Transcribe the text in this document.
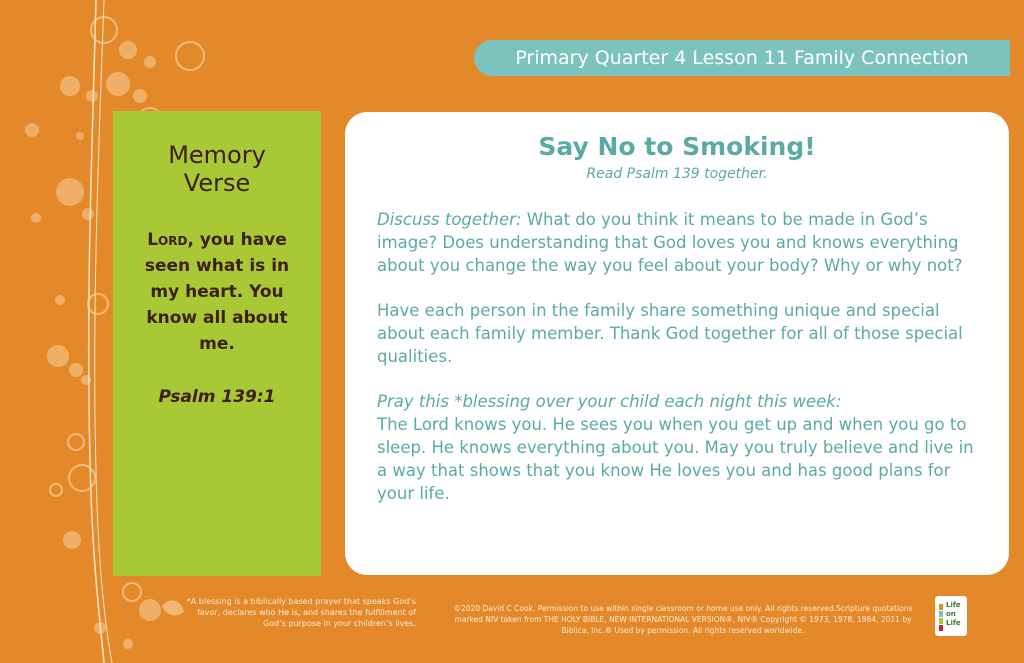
Primary Quarter 4 Lesson 11 Family Connection
Memory
Verse
Lord, you have seen what is in my heart. You know all about me.
Psalm 139:1
Say No to Smoking!
Read Psalm 139 together.

Discuss together: What do you think it means to be made in God’s image? Does understanding that God loves you and knows everything about you change the way you feel about your body? Why or why not?

Have each person in the family share something unique and special about each family member. Thank God together for all of those special qualities.

Pray this *blessing over your child each night this week:
The Lord knows you. He sees you when you get up and when you go to sleep. He knows everything about you. May you truly believe and live in a way that shows that you know He loves you and has good plans for your life.

*A blessing is a biblically based prayer that speaks God’s favor, declares who He is, and shares the fulfillment of God’s purpose in your children’s lives.
©2020 David C Cook. Permission to use within single classroom or home use only. All rights reserved.Scripture quotations marked NIV taken from THE HOLY BIBLE, NEW INTERNATIONAL VERSION®, NIV® Copyright © 1973, 1978, 1984, 2011 by Biblica, Inc.® Used by permission. All rights reserved worldwide.
Life on Life
